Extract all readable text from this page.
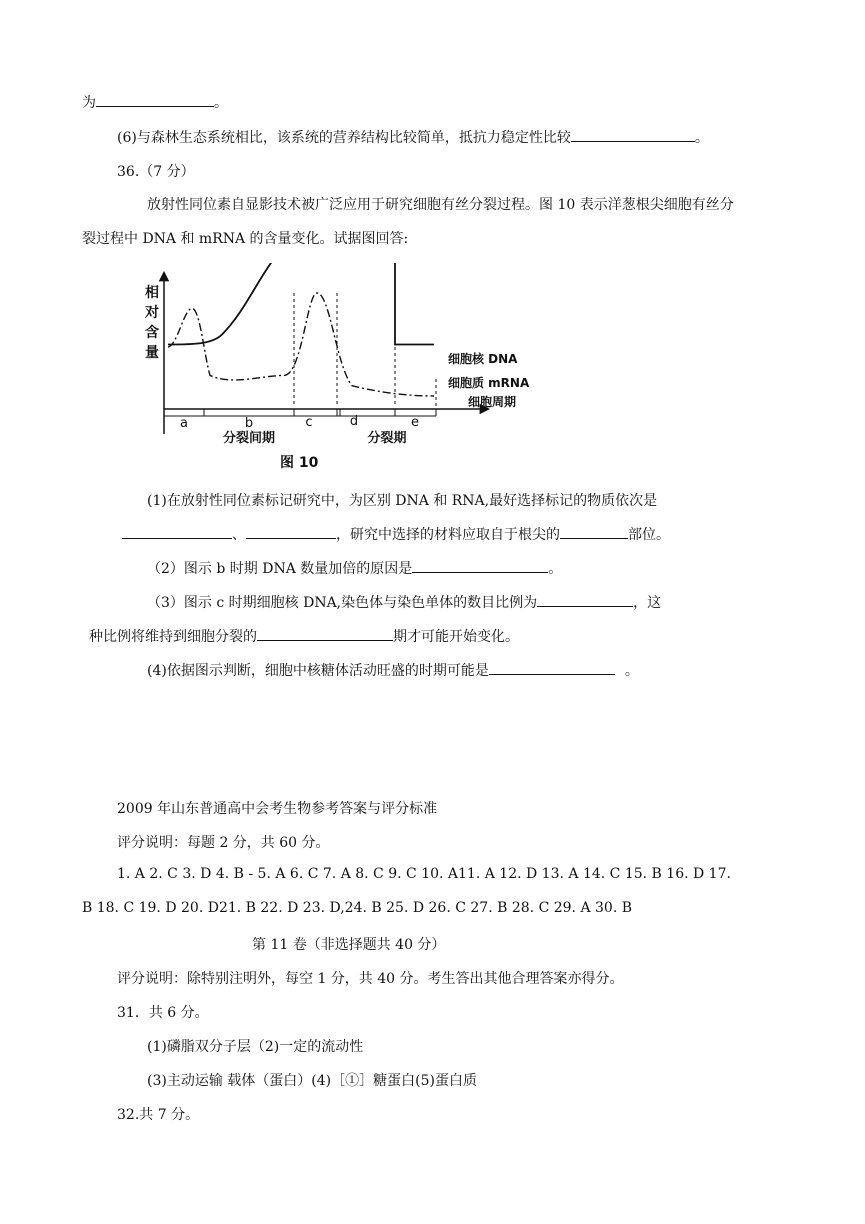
为	。
(6)与森林生态系统相比，该系统的营养结构比较简单，抵抗力稳定性比较	。
36.（7 分）
放射性同位素自显影技术被广泛应用于研究细胞有丝分裂过程。图 10 表示洋葱根尖细胞有丝分
裂过程中 DNA 和 mRNA 的含量变化。试据图回答:
相
对
含
量
a	b	c	d	e
分裂间期	分裂期
细胞核 DNA
细胞质 mRNA
细胞周期
图 10
(1)在放射性同位素标记研究中，为区别 DNA 和 RNA,最好选择标记的物质依次是
、	，研究中选择的材料应取自于根尖的	部位。
（2）图示 b 时期 DNA 数量加倍的原因是	。
（3）图示 c 时期细胞核 DNA,染色体与染色单体的数目比例为	，这
种比例将维持到细胞分裂的	期才可能开始变化。
(4)依据图示判断，细胞中核糖体活动旺盛的时期可能是	。
2009 年山东普通高中会考生物参考答案与评分标准
评分说明：每题 2 分，共 60 分。
1. A 2. C 3. D 4. B - 5. A 6. C 7. A 8. C 9. C 10. A11. A 12. D 13. A 14. C 15. B 16. D 17.
B 18. C 19. D 20. D21. B 22. D 23. D,24. B 25. D 26. C 27. B 28. C 29. A 30. B
第 11 卷（非选择题共 40 分）
评分说明：除特别注明外，每空 1 分，共 40 分。考生答出其他合理答案亦得分。
31．共 6 分。
(1)磷脂双分子层（2)一定的流动性
(3)主动运输 载体（蛋白）(4)［①］糖蛋白(5)蛋白质
32.共 7 分。
